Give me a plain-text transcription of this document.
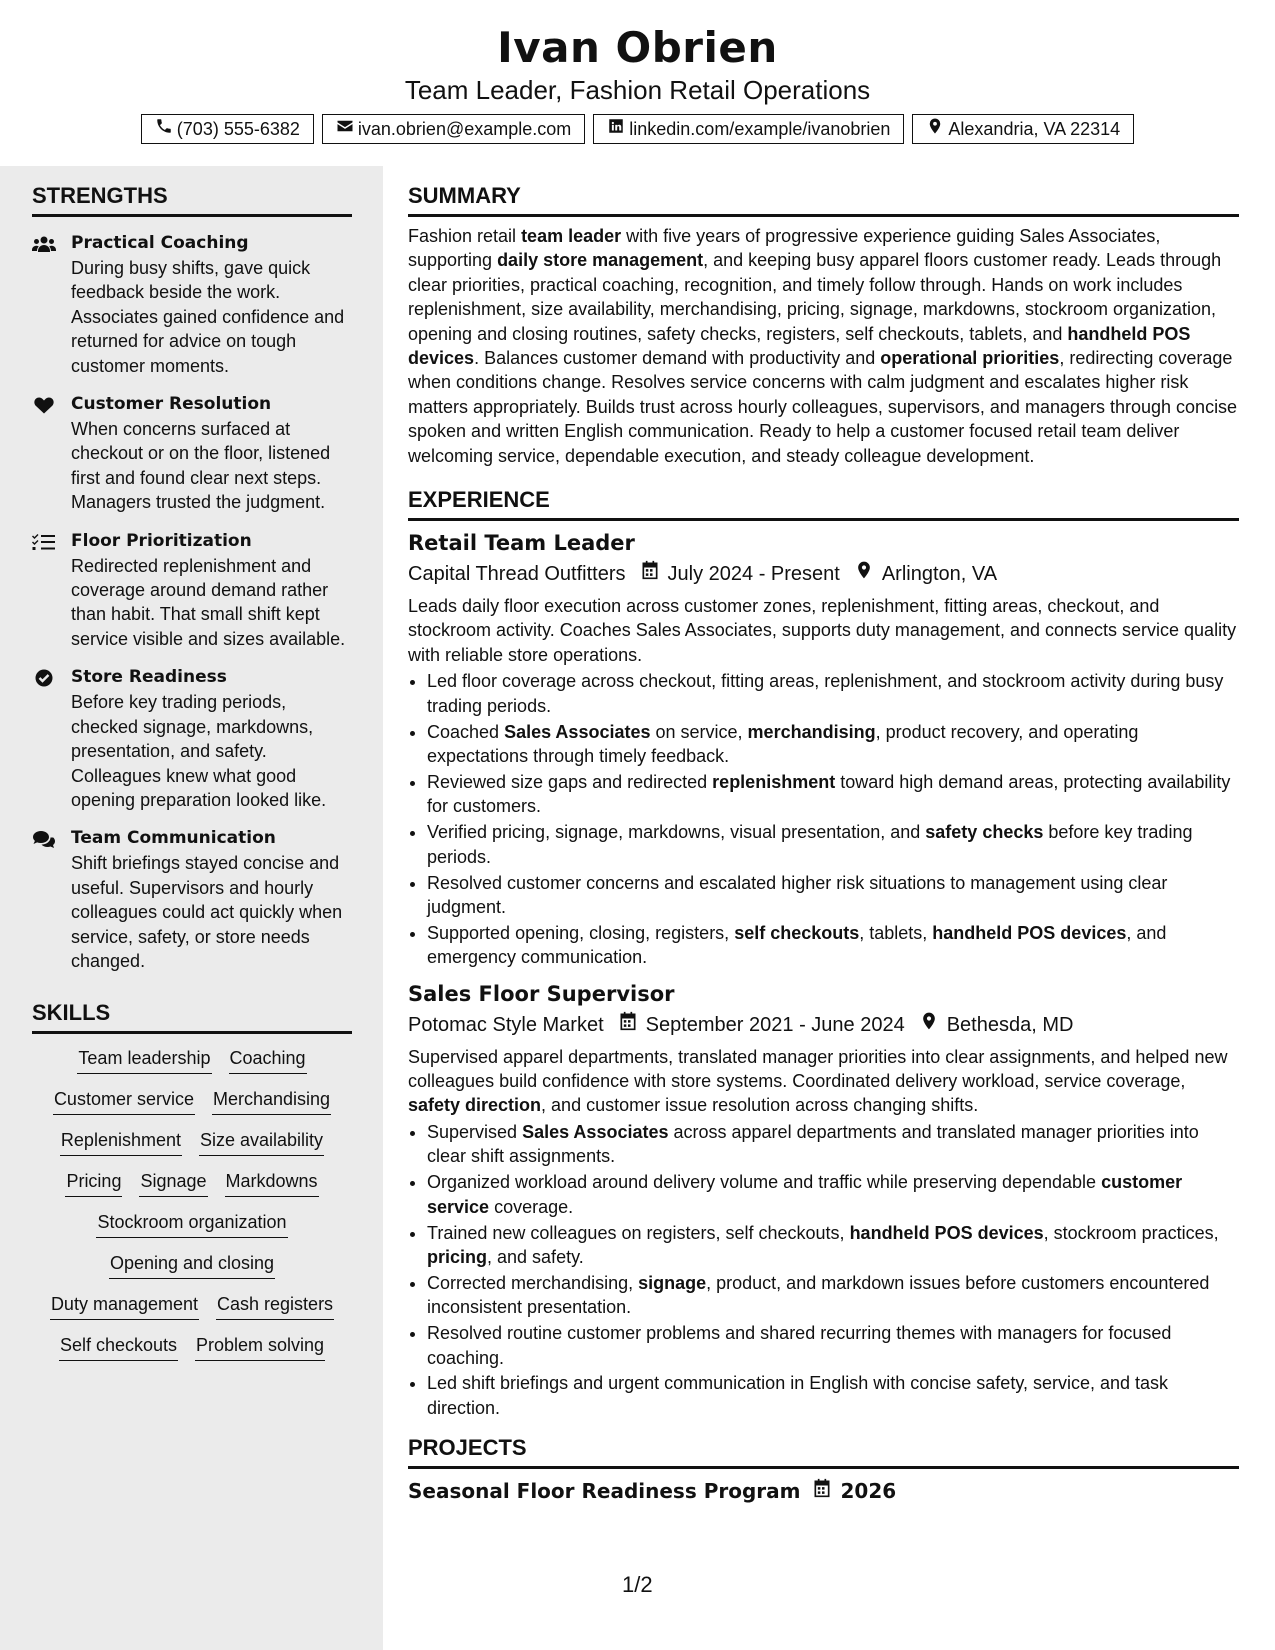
Ivan Obrien
Team Leader, Fashion Retail Operations
(703) 555-6382	ivan.obrien@example.com	linkedin.com/example/ivanobrien	Alexandria, VA 22314
STRENGTHS
Practical Coaching
During busy shifts, gave quick feedback beside the work. Associates gained confidence and returned for advice on tough customer moments.
Customer Resolution
When concerns surfaced at checkout or on the floor, listened first and found clear next steps. Managers trusted the judgment.
Floor Prioritization
Redirected replenishment and coverage around demand rather than habit. That small shift kept service visible and sizes available.
Store Readiness
Before key trading periods, checked signage, markdowns, presentation, and safety. Colleagues knew what good opening preparation looked like.
Team Communication
Shift briefings stayed concise and useful. Supervisors and hourly colleagues could act quickly when service, safety, or store needs changed.
SKILLS
Team leadership Coaching
Customer service Merchandising
Replenishment Size availability
Pricing Signage Markdowns
Stockroom organization
Opening and closing
Duty management Cash registers
Self checkouts Problem solving
SUMMARY

Fashion retail team leader with five years of progressive experience guiding Sales Associates, supporting daily store management, and keeping busy apparel floors customer ready. Leads through clear priorities, practical coaching, recognition, and timely follow through. Hands on work includes replenishment, size availability, merchandising, pricing, signage, markdowns, stockroom organization, opening and closing routines, safety checks, registers, self checkouts, tablets, and handheld POS devices. Balances customer demand with productivity and operational priorities, redirecting coverage when conditions change. Resolves service concerns with calm judgment and escalates higher risk matters appropriately. Builds trust across hourly colleagues, supervisors, and managers through concise spoken and written English communication. Ready to help a customer focused retail team deliver welcoming service, dependable execution, and steady colleague development.

EXPERIENCE
Retail Team Leader
Capital Thread Outfitters July 2024 - Present Arlington, VA

Leads daily floor execution across customer zones, replenishment, fitting areas, checkout, and stockroom activity. Coaches Sales Associates, supports duty management, and connects service quality with reliable store operations.

• Led floor coverage across checkout, fitting areas, replenishment, and stockroom activity during busy trading periods.
• Coached Sales Associates on service, merchandising, product recovery, and operating expectations through timely feedback.
• Reviewed size gaps and redirected replenishment toward high demand areas, protecting availability for customers.
• Verified pricing, signage, markdowns, visual presentation, and safety checks before key trading periods.
• Resolved customer concerns and escalated higher risk situations to management using clear judgment.
• Supported opening, closing, registers, self checkouts, tablets, handheld POS devices, and emergency communication.
Sales Floor Supervisor
Potomac Style Market September 2021 - June 2024 Bethesda, MD

Supervised apparel departments, translated manager priorities into clear assignments, and helped new colleagues build confidence with store systems. Coordinated delivery workload, service coverage, safety direction, and customer issue resolution across changing shifts.

• Supervised Sales Associates across apparel departments and translated manager priorities into clear shift assignments.
• Organized workload around delivery volume and traffic while preserving dependable customer service coverage.
• Trained new colleagues on registers, self checkouts, handheld POS devices, stockroom practices, pricing, and safety.
• Corrected merchandising, signage, product, and markdown issues before customers encountered inconsistent presentation.
• Resolved routine customer problems and shared recurring themes with managers for focused coaching.
• Led shift briefings and urgent communication in English with concise safety, service, and task direction.
PROJECTS
Seasonal Floor Readiness Program 2026
1/2
